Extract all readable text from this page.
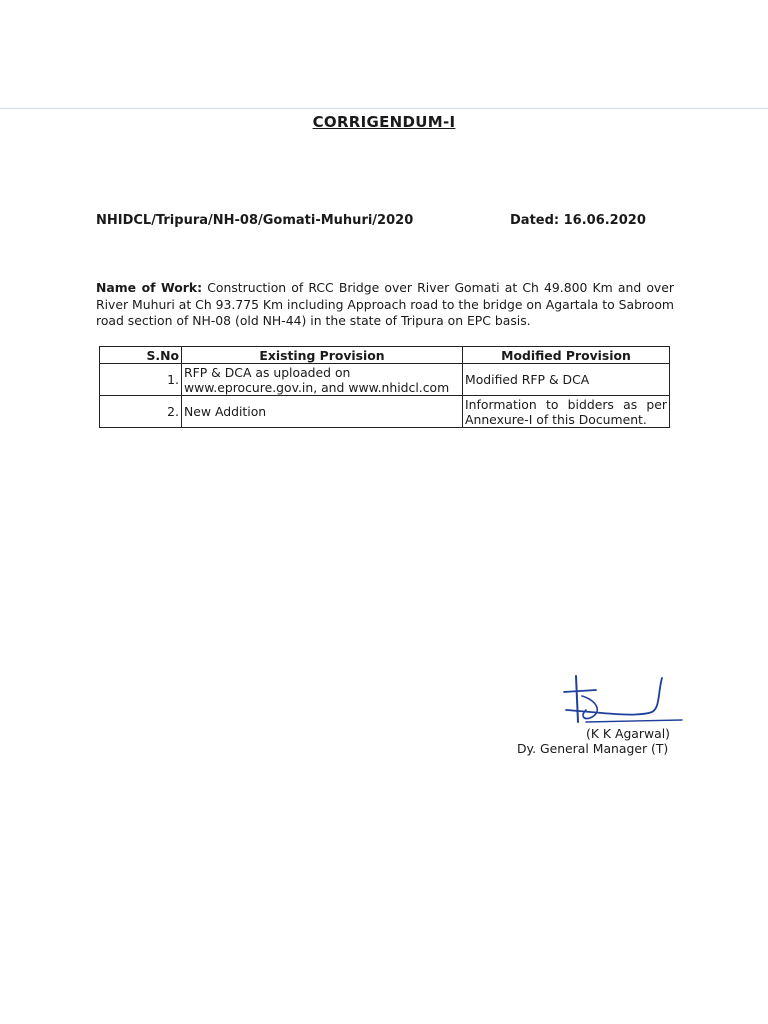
CORRIGENDUM-I
NHIDCL/Tripura/NH-08/Gomati-Muhuri/2020	Dated: 16.06.2020
Name of Work: Construction of RCC Bridge over River Gomati at Ch 49.800 Km and over River Muhuri at Ch 93.775 Km including Approach road to the bridge on Agartala to Sabroom road section of NH-08 (old NH-44) in the state of Tripura on EPC basis.
S.No	Existing Provision	Modified Provision
1.	RFP & DCA as uploaded on www.eprocure.gov.in, and www.nhidcl.com	Modified RFP & DCA
2.	New Addition	Information to bidders as per Annexure-I of this Document.
(K K Agarwal)
Dy. General Manager (T)
